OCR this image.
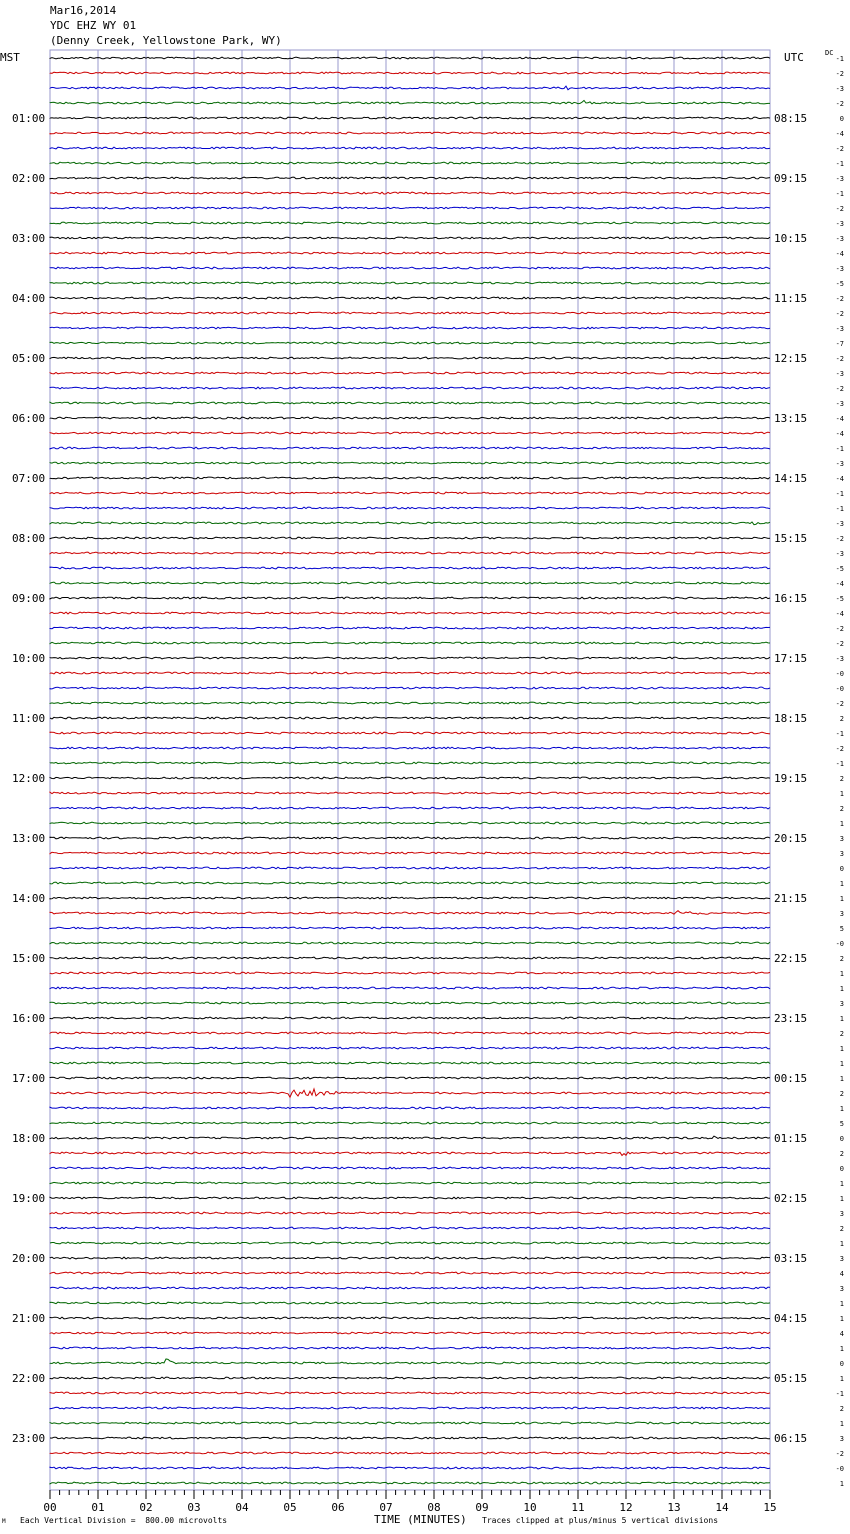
Mar16,2014
YDC EHZ WY 01
(Denny Creek, Yellowstone Park, WY)
MST	UTC	DC
01:00
02:00
03:00
04:00
05:00
06:00
07:00
08:00
09:00
10:00
11:00
12:00
13:00
14:00
15:00
16:00
17:00
18:00
19:00
20:00
21:00
22:00
23:00
08:15
09:15
10:15
11:15
12:15
13:15
14:15
15:15
16:15
17:15
18:15
19:15
20:15
21:15
22:15
23:15
00:15
01:15
02:15
03:15
04:15
05:15
06:15
-1
-2
-3
-2
0
-4
-2
-1
-3
-1
-2
-3
-3
-4
-3
-5
-2
-2
-3
-7
-2
-3
-2
-3
-4
-4
-1
-3
-4
-1
-1
-3
-2
-3
-5
-4
-5
-4
-2
-2
-3
-0
-0
-2
2
-1
-2
-1
2
1
2
1
3
3
0
1
1
3
5
-0
2
1
1
3
1
2
1
1
1
2
1
5
0
2
0
1
1
3
2
1
3
4
3
1
1
4
1
0
1
-1
2
1
3
-2
-0
1
00	01	02	03	04	05	06	07	08	09	10	11	12	13	14	15
M Each Vertical Division =  800.00 microvolts	TIME (MINUTES) Traces clipped at plus/minus 5 vertical divisions
